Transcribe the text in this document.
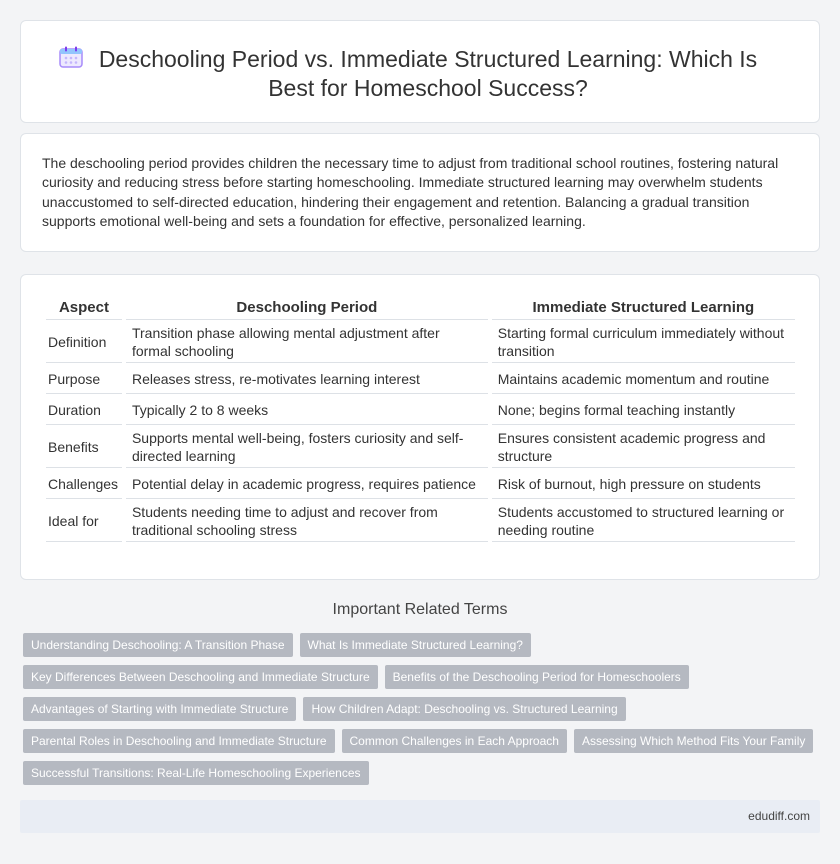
Deschooling Period vs. Immediate Structured Learning: Which Is Best for Homeschool Success?

The deschooling period provides children the necessary time to adjust from traditional school routines, fostering natural curiosity and reducing stress before starting homeschooling. Immediate structured learning may overwhelm students unaccustomed to self-directed education, hindering their engagement and retention. Balancing a gradual transition supports emotional well-being and sets a foundation for effective, personalized learning.

Aspect	Deschooling Period	Immediate Structured Learning
Definition	Transition phase allowing mental adjustment after formal schooling	Starting formal curriculum immediately without transition
Purpose	Releases stress, re-motivates learning interest	Maintains academic momentum and routine
Duration	Typically 2 to 8 weeks	None; begins formal teaching instantly
Benefits	Supports mental well-being, fosters curiosity and self-directed learning	Ensures consistent academic progress and structure
Challenges	Potential delay in academic progress, requires patience	Risk of burnout, high pressure on students
Ideal for	Students needing time to adjust and recover from traditional schooling stress	Students accustomed to structured learning or needing routine
Important Related Terms
Understanding Deschooling: A Transition Phase	What Is Immediate Structured Learning?
Key Differences Between Deschooling and Immediate Structure	Benefits of the Deschooling Period for Homeschoolers
Advantages of Starting with Immediate Structure	How Children Adapt: Deschooling vs. Structured Learning
Parental Roles in Deschooling and Immediate Structure	Common Challenges in Each Approach	Assessing Which Method Fits Your Family
Successful Transitions: Real-Life Homeschooling Experiences
edudiff.com
